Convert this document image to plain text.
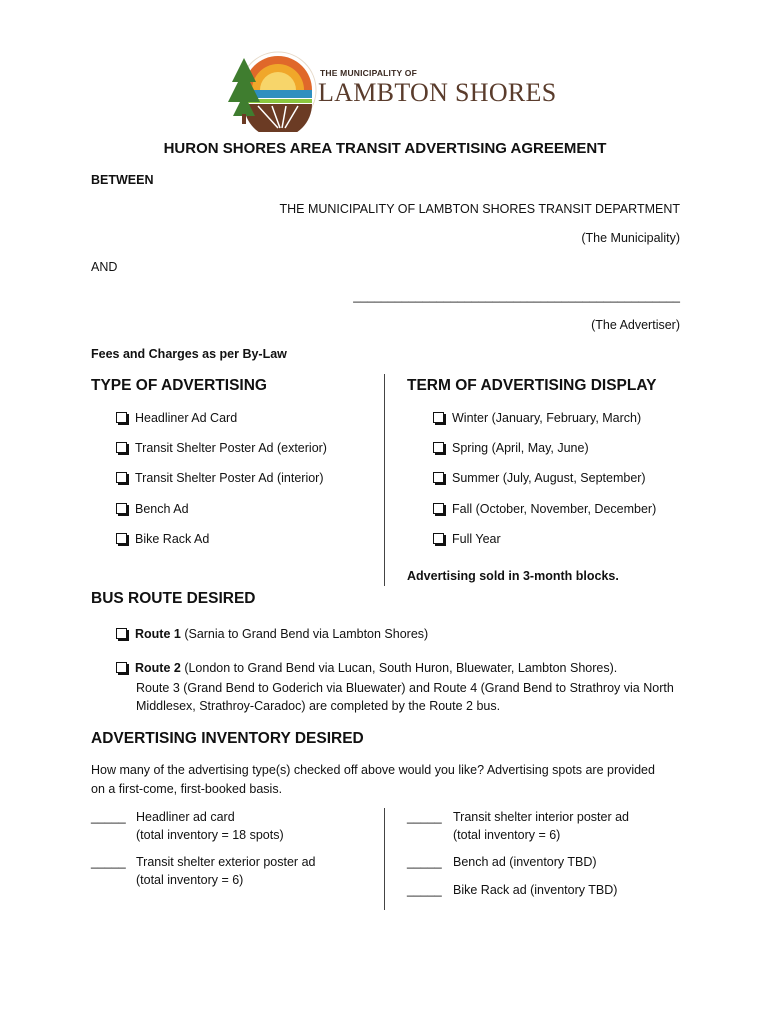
THE MUNICIPALITY OF
LAMBTON SHORES
HURON SHORES AREA TRANSIT ADVERTISING AGREEMENT
BETWEEN
THE MUNICIPALITY OF LAMBTON SHORES TRANSIT DEPARTMENT
(The Municipality)
AND
_______________________________________________
(The Advertiser)
Fees and Charges as per By-Law
TYPE OF ADVERTISING
Headliner Ad Card
Transit Shelter Poster Ad (exterior)
Transit Shelter Poster Ad (interior)
Bench Ad
Bike Rack Ad
TERM OF ADVERTISING DISPLAY
Winter (January, February, March)
Spring (April, May, June)
Summer (July, August, September)
Fall (October, November, December)
Full Year
Advertising sold in 3-month blocks.
BUS ROUTE DESIRED
Route 1 (Sarnia to Grand Bend via Lambton Shores)
Route 2 (London to Grand Bend via Lucan, South Huron, Bluewater, Lambton Shores).
Route 3 (Grand Bend to Goderich via Bluewater) and Route 4 (Grand Bend to Strathroy via North
Middlesex, Strathroy-Caradoc) are completed by the Route 2 bus.
ADVERTISING INVENTORY DESIRED
How many of the advertising type(s) checked off above would you like? Advertising spots are provided
on a first-come, first-booked basis.
_____ Headliner ad card
(total inventory = 18 spots)
_____ Transit shelter exterior poster ad
(total inventory = 6)
_____ Transit shelter interior poster ad
(total inventory = 6)
_____ Bench ad (inventory TBD)
_____ Bike Rack ad (inventory TBD)
